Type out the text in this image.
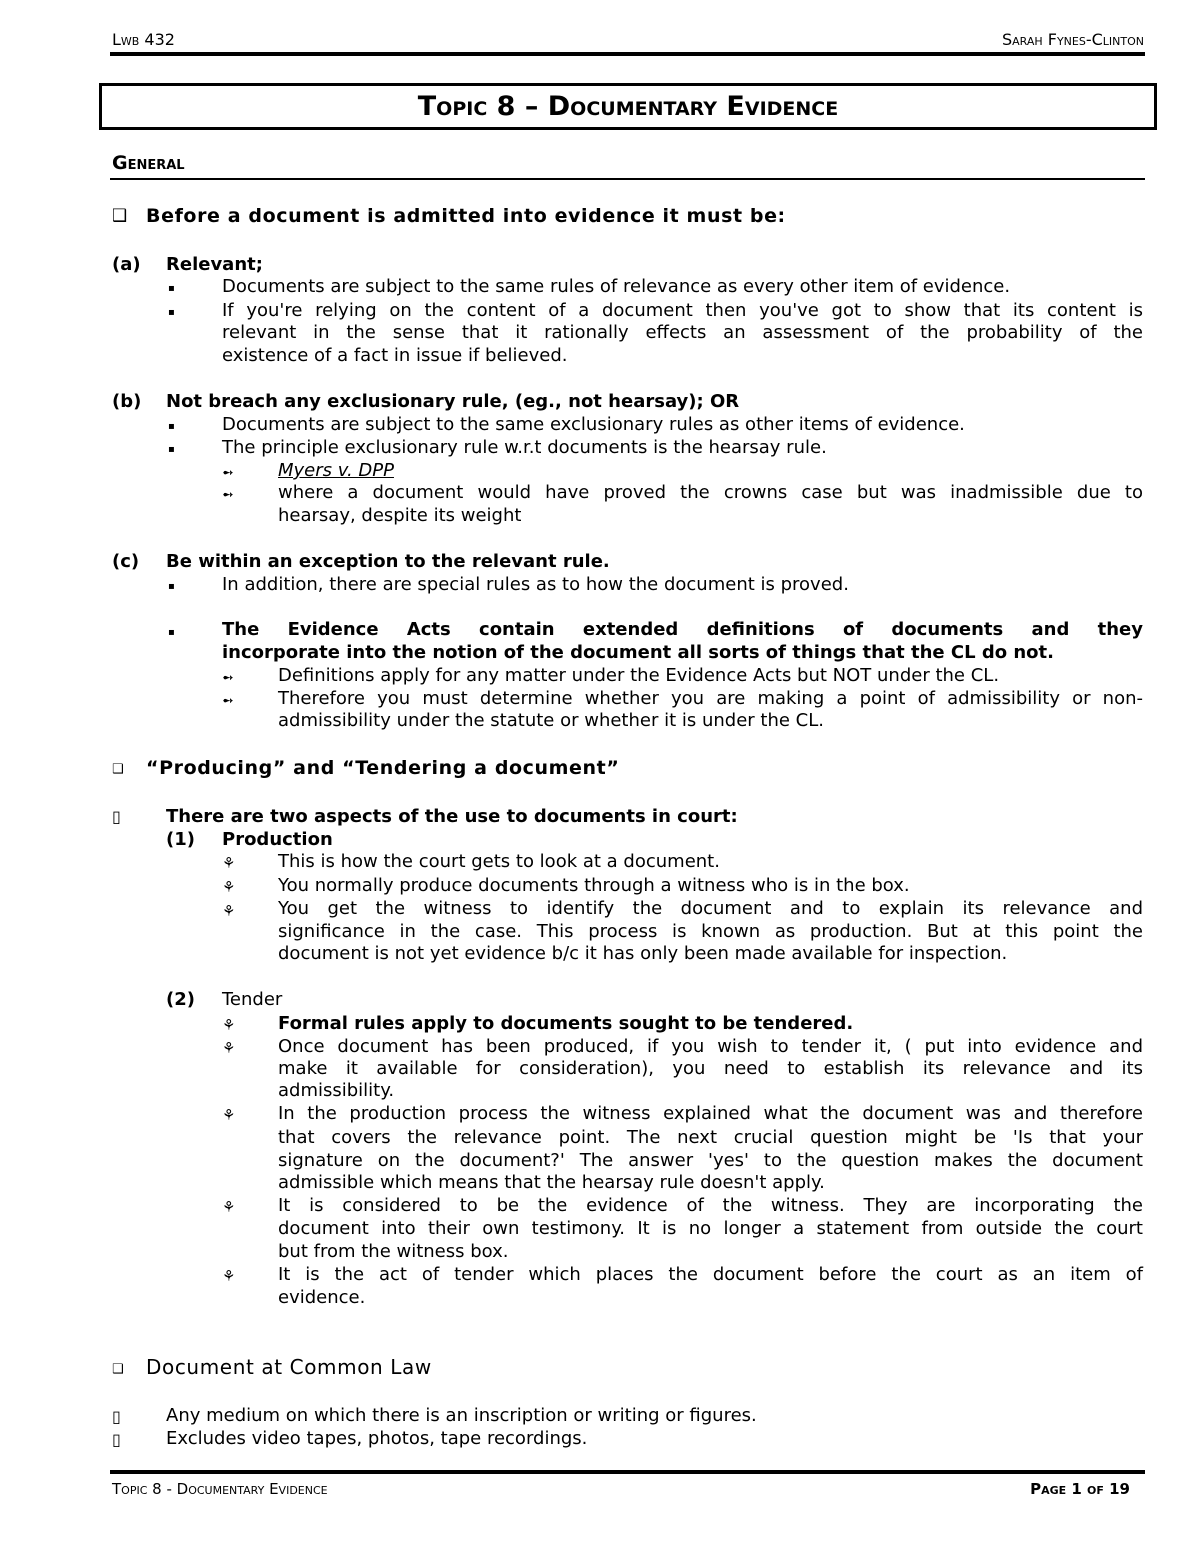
Lwb 432	Sarah Fynes-Clinton
Topic 8 – Documentary Evidence
General
❑ Before a document is admitted into evidence it must be:
(a) Relevant;
▪	Documents are subject to the same rules of relevance as every other item of evidence.
▪	If you're relying on the content of a document then you've got to show that its content is
relevant in the sense that it rationally effects an assessment of the probability of the
existence of a fact in issue if believed.
(b) Not breach any exclusionary rule, (eg., not hearsay); OR
▪	Documents are subject to the same exclusionary rules as other items of evidence.
▪	The principle exclusionary rule w.r.t documents is the hearsay rule.
➻ Myers v. DPP
➻ where a document would have proved the crowns case but was inadmissible due to
hearsay, despite its weight
(c) Be within an exception to the relevant rule.
▪	In addition, there are special rules as to how the document is proved.
▪	The Evidence Acts contain extended definitions of documents and they
incorporate into the notion of the document all sorts of things that the CL do not.
➻ Definitions apply for any matter under the Evidence Acts but NOT under the CL.
➻ Therefore you must determine whether you are making a point of admissibility or non-
admissibility under the statute or whether it is under the CL.
❑ “Producing” and “Tendering a document”
▯	There are two aspects of the use to documents in court:
(1) Production
⚘ This is how the court gets to look at a document.
⚘ You normally produce documents through a witness who is in the box.
⚘ You get the witness to identify the document and to explain its relevance and
significance in the case. This process is known as production. But at this point the
document is not yet evidence b/c it has only been made available for inspection.
(2) Tender
⚘ Formal rules apply to documents sought to be tendered.
⚘ Once document has been produced, if you wish to tender it, ( put into evidence and
make it available for consideration), you need to establish its relevance and its
admissibility.
⚘ In the production process the witness explained what the document was and therefore
that covers the relevance point. The next crucial question might be 'Is that your
signature on the document?' The answer 'yes' to the question makes the document
admissible which means that the hearsay rule doesn't apply.
⚘ It is considered to be the evidence of the witness. They are incorporating the
document into their own testimony. It is no longer a statement from outside the court
but from the witness box.
⚘ It is the act of tender which places the document before the court as an item of
evidence.
❑ Document at Common Law
▯	Any medium on which there is an inscription or writing or figures.
▯	Excludes video tapes, photos, tape recordings.
Topic 8 - Documentary Evidence	Page 1 of 19
